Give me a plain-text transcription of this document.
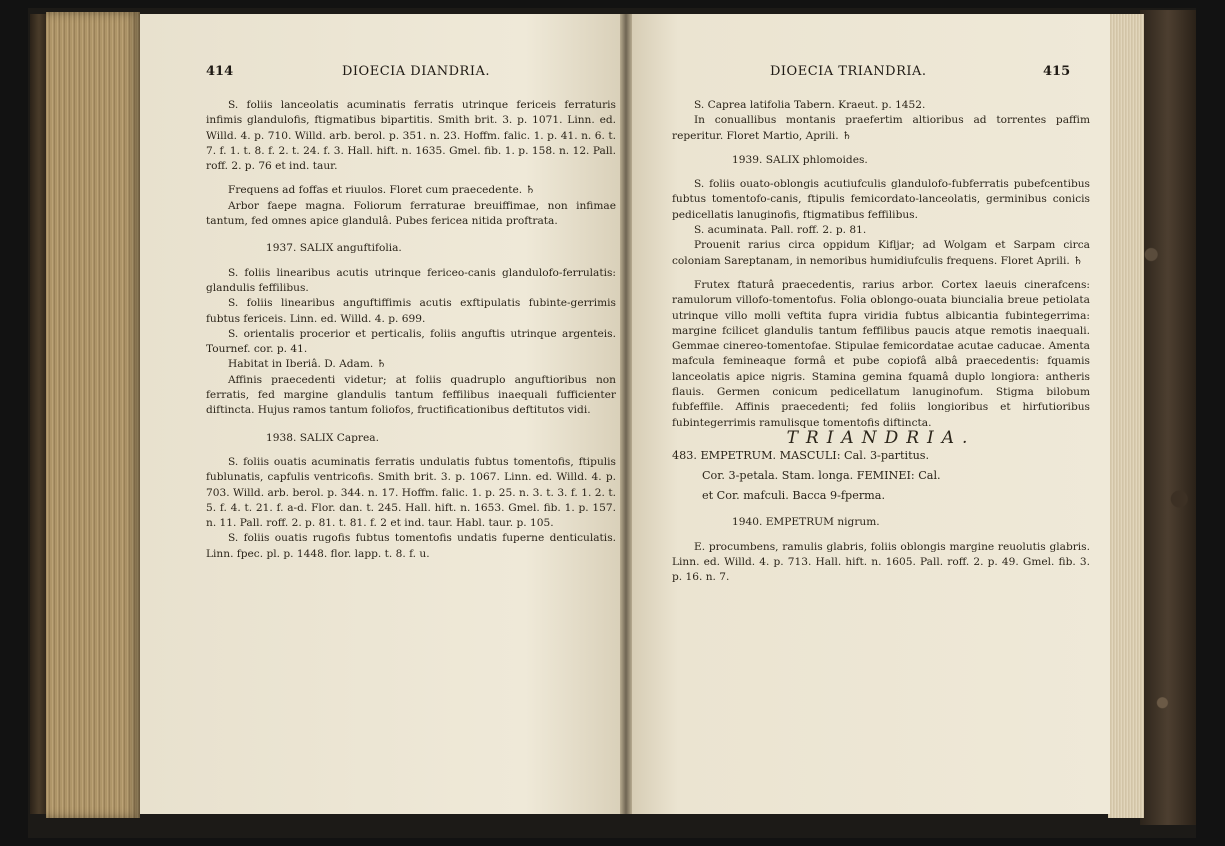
414	DIOECIA DIANDRIA.

S. foliis lanceolatis acuminatis ferratis utrinque fericeis ferraturis infimis glandulofis, ftigmatibus bipartitis. Smith brit. 3. p. 1071. Linn. ed. Willd. 4. p. 710. Willd. arb. berol. p. 351. n. 23. Hoffm. falic. 1. p. 41. n. 6. t. 7. f. 1. t. 8. f. 2. t. 24. f. 3. Hall. hift. n. 1635. Gmel. fib. 1. p. 158. n. 12. Pall. roff. 2. p. 76 et ind. taur.

Frequens ad foffas et riuulos. Floret cum praecedente. ♄

Arbor faepe magna. Foliorum ferraturae breuiffimae, non infimae tantum, fed omnes apice glandulâ. Pubes fericea nitida proftrata.

1937. SALIX anguftifolia.

S. foliis linearibus acutis utrinque fericeo-canis glandulofo-ferrulatis: glandulis feffilibus.

S. foliis linearibus anguftiffimis acutis exftipulatis fubinte-gerrimis fubtus fericeis. Linn. ed. Willd. 4. p. 699.

S. orientalis procerior et perticalis, foliis anguftis utrinque argenteis. Tournef. cor. p. 41.

Habitat in Iberiâ. D. Adam. ♄

Affinis praecedenti videtur; at foliis quadruplo anguftioribus non ferratis, fed margine glandulis tantum feffilibus inaequali fufficienter diftincta. Hujus ramos tantum foliofos, fructificationibus deftitutos vidi.

1938. SALIX Caprea.

S. foliis ouatis acuminatis ferratis undulatis fubtus tomentofis, ftipulis fublunatis, capfulis ventricofis. Smith brit. 3. p. 1067. Linn. ed. Willd. 4. p. 703. Willd. arb. berol. p. 344. n. 17. Hoffm. falic. 1. p. 25. n. 3. t. 3. f. 1. 2. t. 5. f. 4. t. 21. f. a-d. Flor. dan. t. 245. Hall. hift. n. 1653. Gmel. fib. 1. p. 157. n. 11. Pall. roff. 2. p. 81. t. 81. f. 2 et ind. taur. Habl. taur. p. 105.

S. foliis ouatis rugofis fubtus tomentofis undatis fuperne denticulatis. Linn. fpec. pl. p. 1448. flor. lapp. t. 8. f. u.

DIOECIA TRIANDRIA.	415

S. Caprea latifolia Tabern. Kraeut. p. 1452.

In conuallibus montanis praefertim altioribus ad torrentes paffim reperitur. Floret Martio, Aprili. ♄

1939. SALIX phlomoides.

S. foliis ouato-oblongis acutiufculis glandulofo-fubferratis pubefcentibus fubtus tomentofo-canis, ftipulis femicordato-lanceolatis, germinibus conicis pedicellatis lanuginofis, ftigmatibus feffilibus.

S. acuminata. Pall. roff. 2. p. 81.

Prouenit rarius circa oppidum Kifljar; ad Wolgam et Sarpam circa coloniam Sareptanam, in nemoribus humidiufculis frequens. Floret Aprili. ♄

Frutex ftaturâ praecedentis, rarius arbor. Cortex laeuis cinerafcens: ramulorum villofo-tomentofus. Folia oblongo-ouata biuncialia breue petiolata utrinque villo molli veftita fupra viridia fubtus albicantia fubintegerrima: margine fcilicet glandulis tantum feffilibus paucis atque remotis inaequali. Gemmae cinereo-tomentofae. Stipulae femicordatae acutae caducae. Amenta mafcula femineaque formâ et pube copiofâ albâ praecedentis: fquamis lanceolatis apice nigris. Stamina gemina fquamâ duplo longiora: antheris flauis. Germen conicum pedicellatum lanuginofum. Stigma bilobum fubfeffile. Affinis praecedenti; fed foliis longioribus et hirfutioribus fubintegerrimis ramulisque tomentofis diftincta.

TRIANDRIA.

483. EMPETRUM. MASCULI: Cal. 3-partitus.

Cor. 3-petala. Stam. longa. FEMINEI: Cal.

et Cor. mafculi. Bacca 9-fperma.

1940. EMPETRUM nigrum.

E. procumbens, ramulis glabris, foliis oblongis margine reuolutis glabris. Linn. ed. Willd. 4. p. 713. Hall. hift. n. 1605. Pall. roff. 2. p. 49. Gmel. fib. 3. p. 16. n. 7.
